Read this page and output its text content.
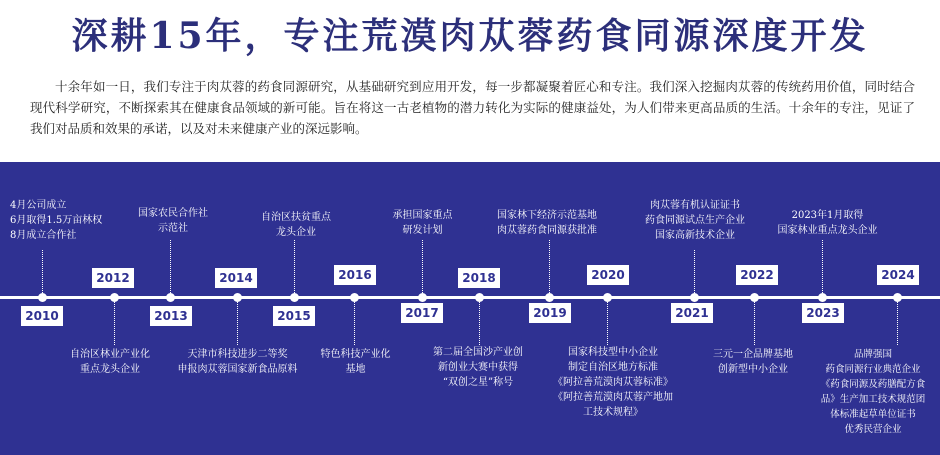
深耕15年，专注荒漠肉苁蓉药食同源深度开发
十余年如一日，我们专注于肉苁蓉的药食同源研究，从基础研究到应用开发，每一步都凝聚着匠心和专注。我们深入挖掘肉苁蓉的传统药用价值，同时结合现代科学研究，不断探索其在健康食品领域的新可能。旨在将这一古老植物的潜力转化为实际的健康益处，为人们带来更高品质的生活。十余年的专注，见证了我们对品质和效果的承诺，以及对未来健康产业的深远影响。
2010
2012
2013
2014
2015
2016
2017
2018
2019
2020
2021
2022
2023
2024
4月公司成立
6月取得1.5万亩林权
8月成立合作社
国家农民合作社
示范社
自治区扶贫重点
龙头企业
承担国家重点
研发计划
国家林下经济示范基地
肉苁蓉药食同源获批准
肉苁蓉有机认证证书
药食同源试点生产企业
国家高新技术企业
2023年1月取得
国家林业重点龙头企业
自治区林业产业化
重点龙头企业
天津市科技进步二等奖
申报肉苁蓉国家新食品原料
特色科技产业化
基地
第二届全国沙产业创
新创业大赛中获得
“双创之星”称号
国家科技型中小企业
制定自治区地方标准
《阿拉善荒漠肉苁蓉标准》
《阿拉善荒漠肉苁蓉产地加
工技术规程》
三元一企品牌基地
创新型中小企业
品牌强国
药食同源行业典范企业
《药食同源及药膳配方食
品》生产加工技术规范团
体标准起草单位证书
优秀民营企业
